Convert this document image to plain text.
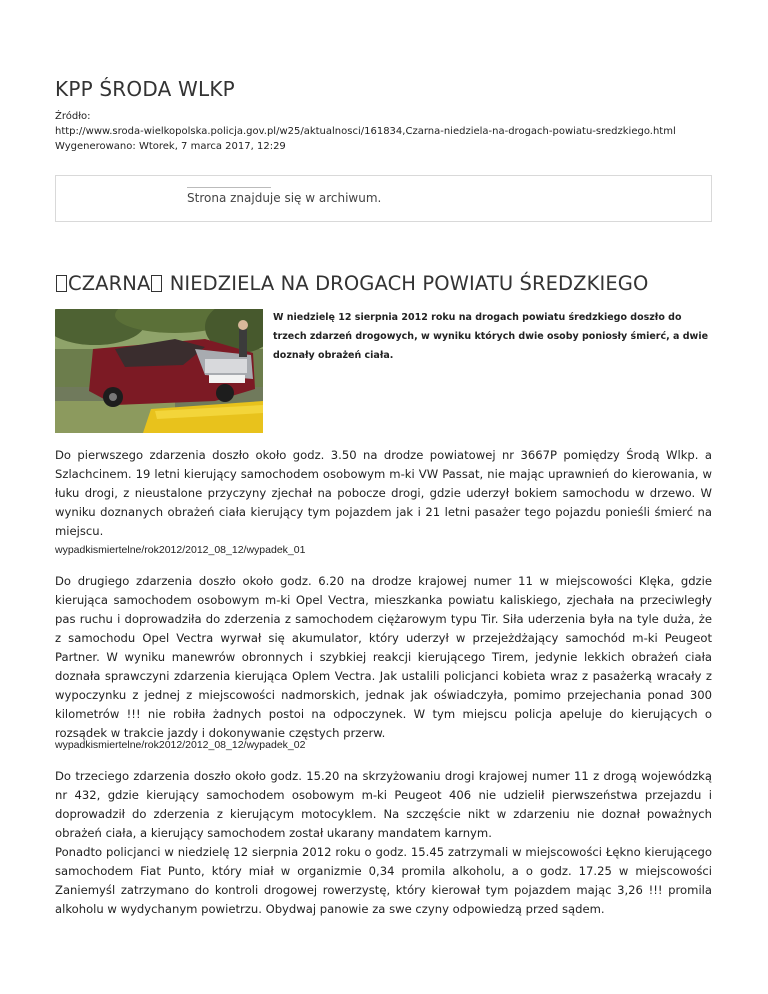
KPP ŚRODA WLKP
Źródło:
http://www.sroda-wielkopolska.policja.gov.pl/w25/aktualnosci/161834,Czarna-niedziela-na-drogach-powiatu-sredzkiego.html
Wygenerowano: Wtorek, 7 marca 2017, 12:29
Strona znajduje się w archiwum.
CZARNA NIEDZIELA NA DROGACH POWIATU ŚREDZKIEGO
W niedzielę 12 sierpnia 2012 roku na drogach powiatu średzkiego doszło do trzech zdarzeń drogowych, w wyniku których dwie osoby poniosły śmierć, a dwie doznały obrażeń ciała.

Do pierwszego zdarzenia doszło około godz. 3.50 na drodze powiatowej nr 3667P pomiędzy Środą Wlkp. a Szlachcinem. 19 letni kierujący samochodem osobowym m-ki VW Passat, nie mając uprawnień do kierowania, w łuku drogi, z nieustalone przyczyny zjechał na pobocze drogi, gdzie uderzył bokiem samochodu w drzewo. W wyniku doznanych obrażeń ciała kierujący tym pojazdem jak i 21 letni pasażer tego pojazdu ponieśli śmierć na miejscu.

wypadkismiertelne/rok2012/2012_08_12/wypadek_01

Do drugiego zdarzenia doszło około godz. 6.20 na drodze krajowej numer 11 w miejscowości Klęka, gdzie kierująca samochodem osobowym m-ki Opel Vectra, mieszkanka powiatu kaliskiego, zjechała na przeciwległy pas ruchu i doprowadziła do zderzenia z samochodem ciężarowym typu Tir. Siła uderzenia była na tyle duża, że z samochodu Opel Vectra wyrwał się akumulator, który uderzył w przejeżdżający samochód m-ki Peugeot Partner. W wyniku manewrów obronnych i szybkiej reakcji kierującego Tirem, jedynie lekkich obrażeń ciała doznała sprawczyni zdarzenia kierująca Oplem Vectra. Jak ustalili policjanci kobieta wraz z pasażerką wracały z wypoczynku z jednej z miejscowości nadmorskich, jednak jak oświadczyła, pomimo przejechania ponad 300 kilometrów !!! nie robiła żadnych postoi na odpoczynek. W tym miejscu policja apeluje do kierujących o rozsądek w trakcie jazdy i dokonywanie częstych przerw.

wypadkismiertelne/rok2012/2012_08_12/wypadek_02

Do trzeciego zdarzenia doszło około godz. 15.20 na skrzyżowaniu drogi krajowej numer 11 z drogą wojewódzką nr 432, gdzie kierujący samochodem osobowym m-ki Peugeot 406 nie udzielił pierwszeństwa przejazdu i doprowadził do zderzenia z kierującym motocyklem. Na szczęście nikt w zdarzeniu nie doznał poważnych obrażeń ciała, a kierujący samochodem został ukarany mandatem karnym.

Ponadto policjanci w niedzielę 12 sierpnia 2012 roku o godz. 15.45 zatrzymali w miejscowości Łękno kierującego samochodem Fiat Punto, który miał w organizmie 0,34 promila alkoholu, a o godz. 17.25 w miejscowości Zaniemyśl zatrzymano do kontroli drogowej rowerzystę, który kierował tym pojazdem mając 3,26 !!! promila alkoholu w wydychanym powietrzu. Obydwaj panowie za swe czyny odpowiedzą przed sądem.
